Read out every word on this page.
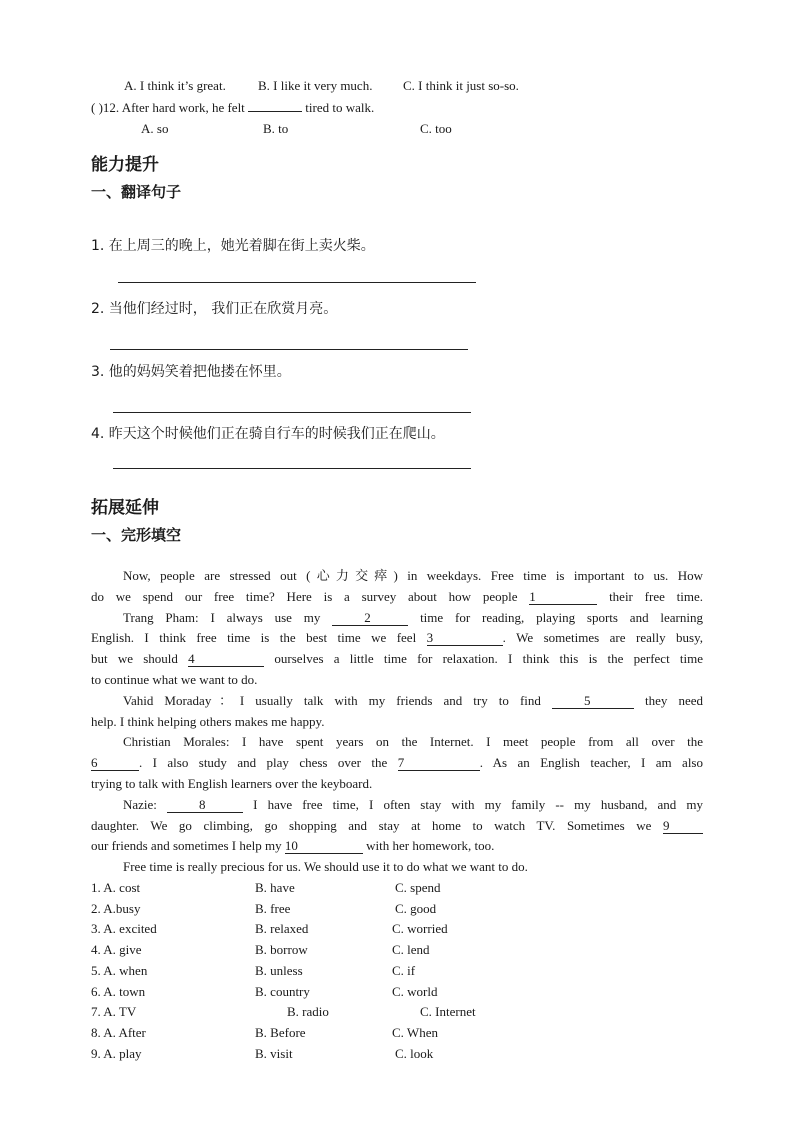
A. I think it’s great. B. I like it very much. C. I think it just so-so.
( )12. After hard work, he felt	tired to walk.
A. so	B. to	C. too
能力提升
一、翻译句子
1. 在上周三的晚上，她光着脚在街上卖火柴。
2. 当他们经过时， 我们正在欣赏月亮。
3. 他的妈妈笑着把他搂在怀里。
4. 昨天这个时候他们正在骑自行车的时候我们正在爬山。
拓展延伸
一、完形填空

Now, people are stressed out (心力交瘁) in weekdays. Free time is important to us. How

do we spend our free time? Here is a survey about how people 1	their free time.

Trang Pham: I always use my	2	time for reading, playing sports and learning

English. I think free time is the best time we feel 3	. We sometimes are really busy,

but we should 4	ourselves a little time for relaxation. I think this is the perfect time

to continue what we want to do.

Vahid Moraday：I usually talk with my friends and try to find	5	they need

help. I think helping others makes me happy.

Christian Morales: I have spent years on the Internet. I meet people from all over the

6	. I also study and play chess over the 7	. As an English teacher, I am also

trying to talk with English learners over the keyboard.

Nazie:	8	I have free time, I often stay with my family -- my husband, and my

daughter. We go climbing, go shopping and stay at home to watch TV. Sometimes we 9

our friends and sometimes I help my 10	with her homework, too.

Free time is really precious for us. We should use it to do what we want to do.

1. A. cost	B. have	C. spend
2. A.busy	B. free	C. good
3. A. excited	B. relaxed	C. worried
4. A. give	B. borrow	C. lend
5. A. when	B. unless	C. if
6. A. town	B. country	C. world
7. A. TV	B. radio	C. Internet
8. A. After	B. Before	C. When
9. A. play	B. visit	C. look
